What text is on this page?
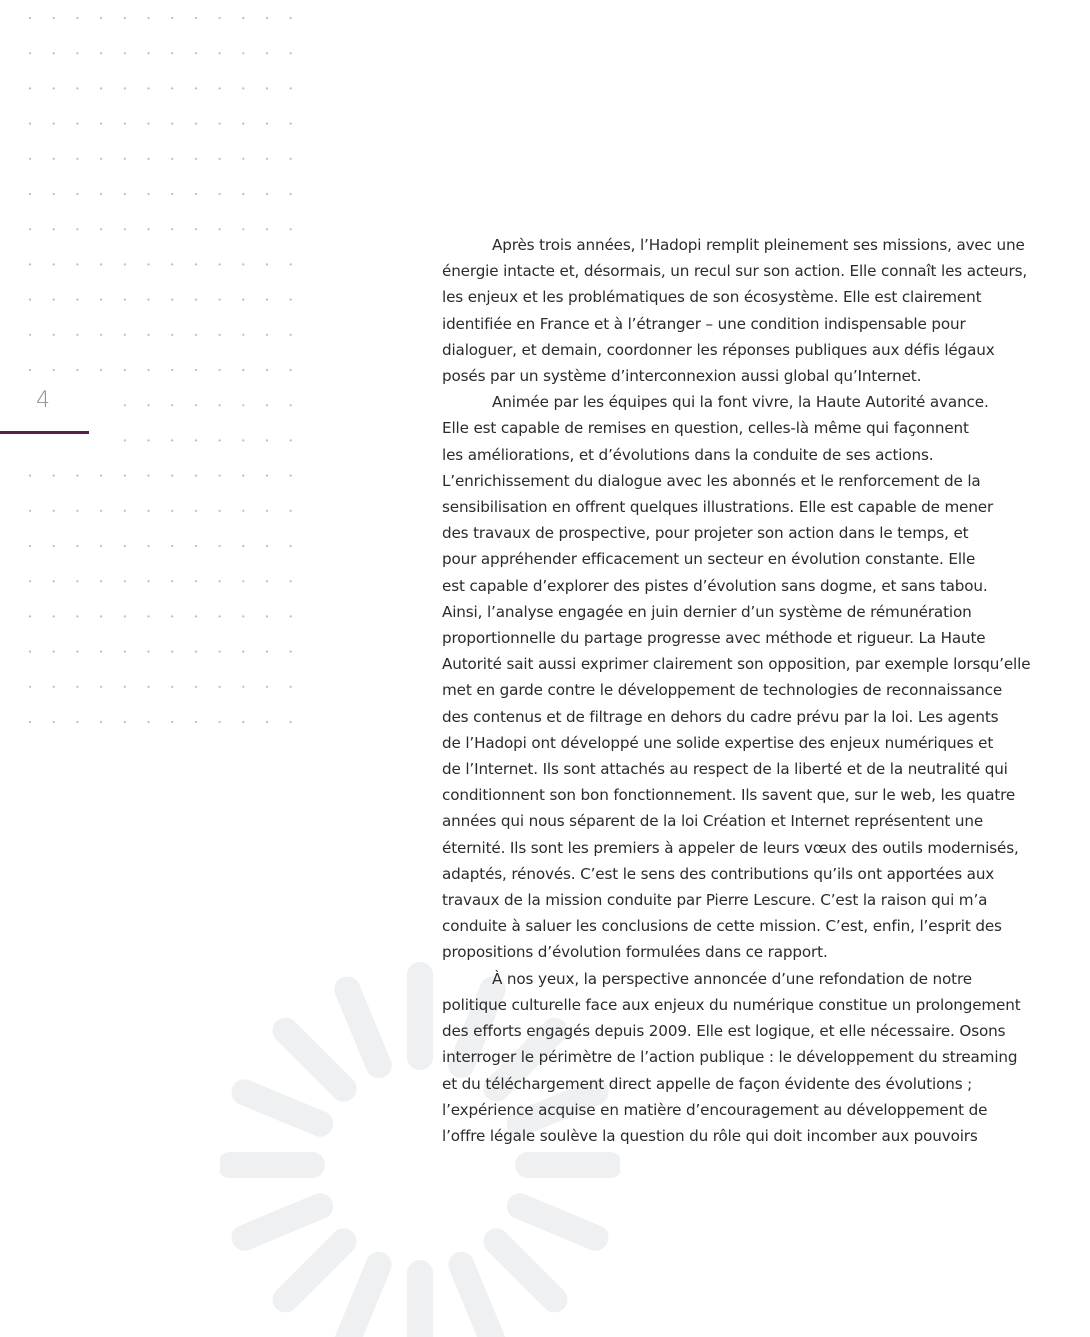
4

Après trois années, l’Hadopi remplit pleinement ses missions, avec une
énergie intacte et, désormais, un recul sur son action. Elle connaît les acteurs,
les enjeux et les problématiques de son écosystème. Elle est clairement
identifiée en France et à l’étranger – une condition indispensable pour
dialoguer, et demain, coordonner les réponses publiques aux défis légaux
posés par un système d’interconnexion aussi global qu’Internet.

Animée par les équipes qui la font vivre, la Haute Autorité avance.
Elle est capable de remises en question, celles-là même qui façonnent
les améliorations, et d’évolutions dans la conduite de ses actions.
L’enrichissement du dialogue avec les abonnés et le renforcement de la
sensibilisation en offrent quelques illustrations. Elle est capable de mener
des travaux de prospective, pour projeter son action dans le temps, et
pour appréhender efficacement un secteur en évolution constante. Elle
est capable d’explorer des pistes d’évolution sans dogme, et sans tabou.
Ainsi, l’analyse engagée en juin dernier d’un système de rémunération
proportionnelle du partage progresse avec méthode et rigueur. La Haute
Autorité sait aussi exprimer clairement son opposition, par exemple lorsqu’elle
met en garde contre le développement de technologies de reconnaissance
des contenus et de filtrage en dehors du cadre prévu par la loi. Les agents
de l’Hadopi ont développé une solide expertise des enjeux numériques et
de l’Internet. Ils sont attachés au respect de la liberté et de la neutralité qui
conditionnent son bon fonctionnement. Ils savent que, sur le web, les quatre
années qui nous séparent de la loi Création et Internet représentent une
éternité. Ils sont les premiers à appeler de leurs vœux des outils modernisés,
adaptés, rénovés. C’est le sens des contributions qu’ils ont apportées aux
travaux de la mission conduite par Pierre Lescure. C’est la raison qui m’a
conduite à saluer les conclusions de cette mission. C’est, enfin, l’esprit des
propositions d’évolution formulées dans ce rapport.

À nos yeux, la perspective annoncée d’une refondation de notre
politique culturelle face aux enjeux du numérique constitue un prolongement
des efforts engagés depuis 2009. Elle est logique, et elle nécessaire. Osons
interroger le périmètre de l’action publique : le développement du streaming
et du téléchargement direct appelle de façon évidente des évolutions ;
l’expérience acquise en matière d’encouragement au développement de
l’offre légale soulève la question du rôle qui doit incomber aux pouvoirs
